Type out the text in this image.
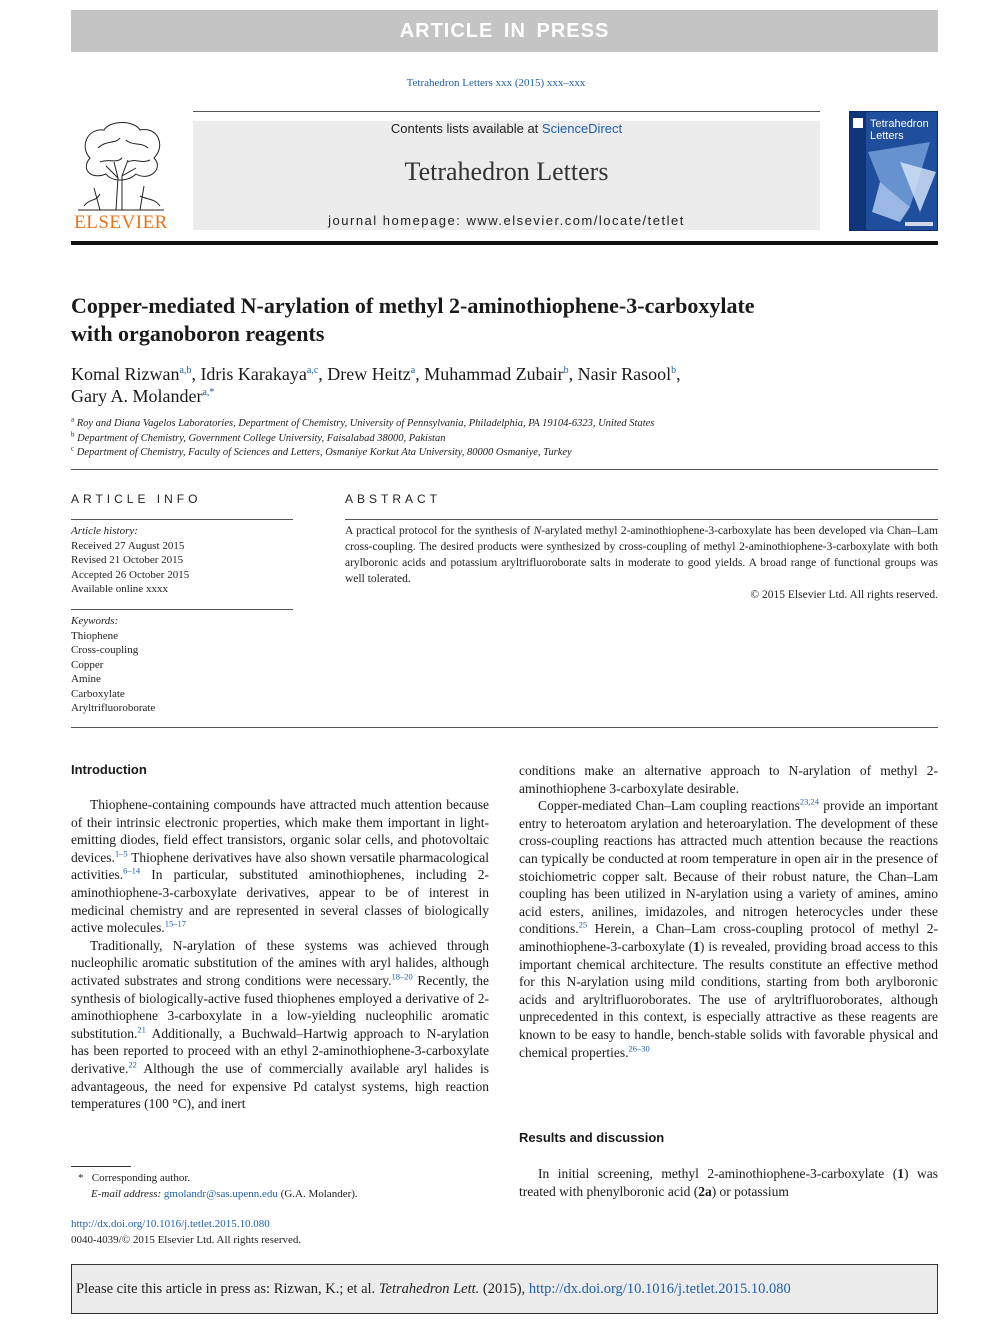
ARTICLE IN PRESS
Tetrahedron Letters xxx (2015) xxx–xxx
ELSEVIER
Contents lists available at ScienceDirect
Tetrahedron Letters
journal homepage: www.elsevier.com/locate/tetlet
Tetrahedron Letters
Copper-mediated N-arylation of methyl 2-aminothiophene-3-carboxylate with organoboron reagents
Komal Rizwan$^{a,b}$, Idris Karakaya$^{a,c}$, Drew Heitz$^a$, Muhammad Zubair$^b$, Nasir Rasool$^b$,
Gary A. Molander$^{a,*}$
$^a$ Roy and Diana Vagelos Laboratories, Department of Chemistry, University of Pennsylvania, Philadelphia, PA 19104-6323, United States
$^b$ Department of Chemistry, Government College University, Faisalabad 38000, Pakistan
$^c$ Department of Chemistry, Faculty of Sciences and Letters, Osmaniye Korkut Ata University, 80000 Osmaniye, Turkey
ARTICLE INFO
Article history:
Received 27 August 2015
Revised 21 October 2015
Accepted 26 October 2015
Available online xxxx
Keywords:
Thiophene
Cross-coupling
Copper
Amine
Carboxylate
Aryltrifluoroborate
ABSTRACT
A practical protocol for the synthesis of N-arylated methyl 2-aminothiophene-3-carboxylate has been developed via Chan–Lam cross-coupling. The desired products were synthesized by cross-coupling of methyl 2-aminothiophene-3-carboxylate with both arylboronic acids and potassium aryltrifluoroborate salts in moderate to good yields. A broad range of functional groups was well tolerated.
© 2015 Elsevier Ltd. All rights reserved.
Introduction

Thiophene-containing compounds have attracted much attention because of their intrinsic electronic properties, which make them important in light-emitting diodes, field effect transistors, organic solar cells, and photovoltaic devices.$^{1-5}$ Thiophene derivatives have also shown versatile pharmacological activities.$^{6-14}$ In particular, substituted aminothiophenes, including 2-aminothiophene-3-carboxylate derivatives, appear to be of interest in medicinal chemistry and are represented in several classes of biologically active molecules.$^{15-17}$

Traditionally, N-arylation of these systems was achieved through nucleophilic aromatic substitution of the amines with aryl halides, although activated substrates and strong conditions were necessary.$^{18-20}$ Recently, the synthesis of biologically-active fused thiophenes employed a derivative of 2-aminothiophene 3-carboxylate in a low-yielding nucleophilic aromatic substitution.$^{21}$ Additionally, a Buchwald–Hartwig approach to N-arylation has been reported to proceed with an ethyl 2-aminothiophene-3-carboxylate derivative.$^{22}$ Although the use of commercially available aryl halides is advantageous, the need for expensive Pd catalyst systems, high reaction temperatures (100 °C), and inert

* Corresponding author.
E-mail address: gmolandr@sas.upenn.edu (G.A. Molander).
http://dx.doi.org/10.1016/j.tetlet.2015.10.080
0040-4039/© 2015 Elsevier Ltd. All rights reserved.
conditions make an alternative approach to N-arylation of methyl 2-aminothiophene 3-carboxylate desirable.

Copper-mediated Chan–Lam coupling reactions$^{23,24}$ provide an important entry to heteroatom arylation and heteroarylation. The development of these cross-coupling reactions has attracted much attention because the reactions can typically be conducted at room temperature in open air in the presence of stoichiometric copper salt. Because of their robust nature, the Chan–Lam coupling has been utilized in N-arylation using a variety of amines, amino acid esters, anilines, imidazoles, and nitrogen heterocycles under these conditions.$^{25}$ Herein, a Chan–Lam cross-coupling protocol of methyl 2-aminothiophene-3-carboxylate (1) is revealed, providing broad access to this important chemical architecture. The results constitute an effective method for this N-arylation using mild conditions, starting from both arylboronic acids and aryltrifluoroborates. The use of aryltrifluoroborates, although unprecedented in this context, is especially attractive as these reagents are known to be easy to handle, bench-stable solids with favorable physical and chemical properties.$^{26-30}$

Results and discussion

In initial screening, methyl 2-aminothiophene-3-carboxylate (1) was treated with phenylboronic acid (2a) or potassium

Please cite this article in press as: Rizwan, K.; et al. Tetrahedron Lett. (2015), http://dx.doi.org/10.1016/j.tetlet.2015.10.080
